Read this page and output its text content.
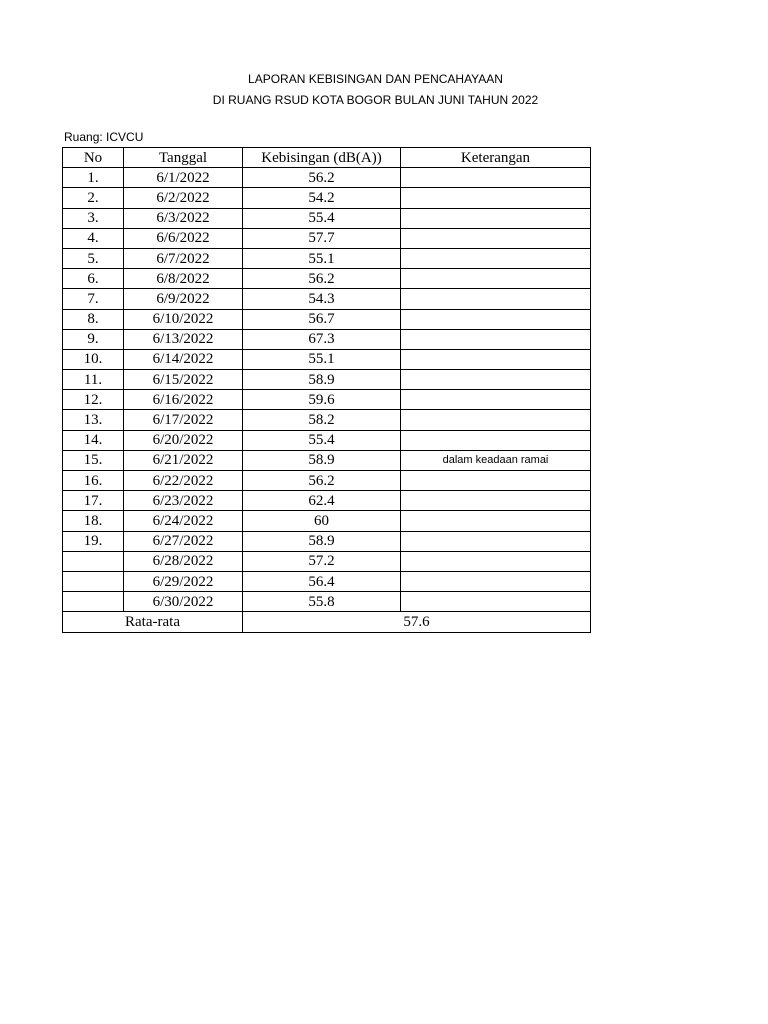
LAPORAN KEBISINGAN DAN PENCAHAYAAN
DI RUANG RSUD KOTA BOGOR BULAN JUNI TAHUN 2022
Ruang: ICVCU
No	Tanggal	Kebisingan (dB(A))	Keterangan
1.	6/1/2022	56.2	
2.	6/2/2022	54.2	
3.	6/3/2022	55.4	
4.	6/6/2022	57.7	
5.	6/7/2022	55.1	
6.	6/8/2022	56.2	
7.	6/9/2022	54.3	
8.	6/10/2022	56.7	
9.	6/13/2022	67.3	
10.	6/14/2022	55.1	
11.	6/15/2022	58.9	
12.	6/16/2022	59.6	
13.	6/17/2022	58.2	
14.	6/20/2022	55.4	
15.	6/21/2022	58.9	dalam keadaan ramai
16.	6/22/2022	56.2	
17.	6/23/2022	62.4	
18.	6/24/2022	60	
19.	6/27/2022	58.9	
	6/28/2022	57.2	
	6/29/2022	56.4	
	6/30/2022	55.8	
Rata-rata		57.6	
